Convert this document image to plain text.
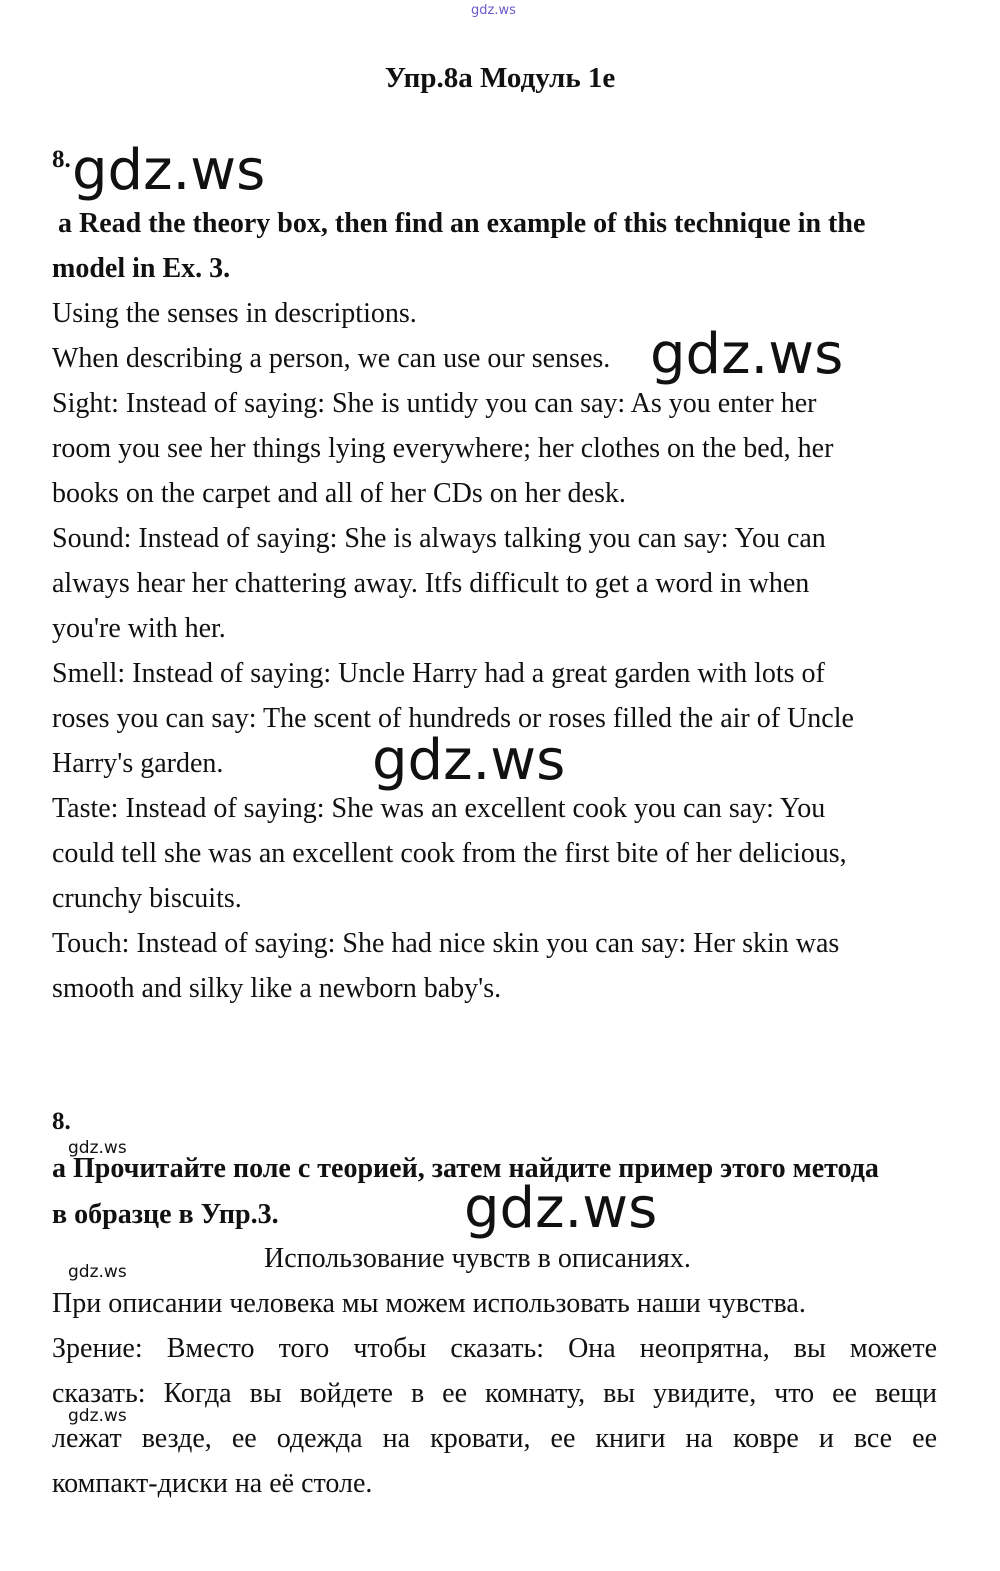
gdz.ws
gdz.ws
gdz.ws
gdz.ws
gdz.ws
gdz.ws
gdz.ws
gdz.ws
Упр.8а Модуль 1е
8.
a Read the theory box, then find an example of this technique in the
model in Ex. 3.
Using the senses in descriptions.
When describing a person, we can use our senses.
Sight: Instead of saying: She is untidy you can say: As you enter her
room you see her things lying everywhere; her clothes on the bed, her
books on the carpet and all of her CDs on her desk.
Sound: Instead of saying: She is always talking you can say: You can
always hear her chattering away. Itfs difficult to get a word in when
you're with her.
Smell: Instead of saying: Uncle Harry had a great garden with lots of
roses you can say: The scent of hundreds or roses filled the air of Uncle
Harry's garden.
Taste: Instead of saying: She was an excellent cook you can say: You
could tell she was an excellent cook from the first bite of her delicious,
crunchy biscuits.
Touch: Instead of saying: She had nice skin you can say: Her skin was
smooth and silky like a newborn baby's.
8.
a Прочитайте поле с теорией, затем найдите пример этого метода
в образце в Упр.3.
Использование чувств в описаниях.
При описании человека мы можем использовать наши чувства.
Зрение: Вместо того чтобы сказать: Она неопрятна, вы можете
сказать: Когда вы войдете в ее комнату, вы увидите, что ее вещи
лежат везде, ее одежда на кровати, ее книги на ковре и все ее
компакт-диски на её столе.
